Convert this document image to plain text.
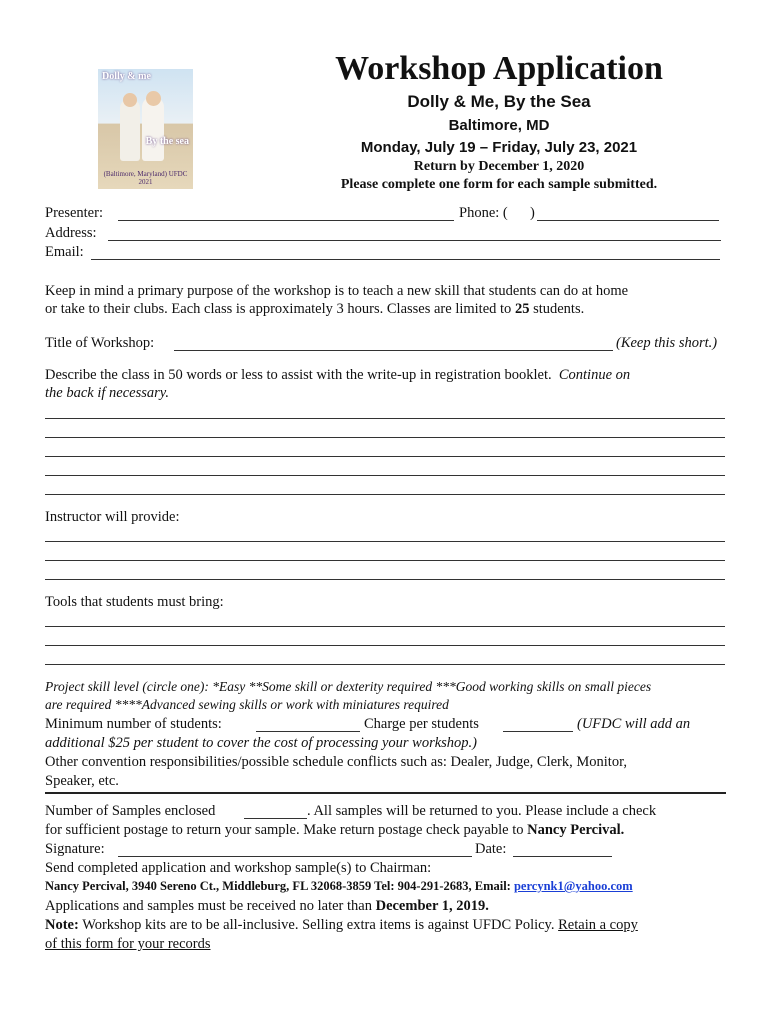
Dolly & me
By the sea
(Baltimore, Maryland) UFDC 2021
Workshop Application
Dolly & Me, By the Sea
Baltimore, MD
Monday, July 19 – Friday, July 23, 2021
Return by December 1, 2020
Please complete one form for each sample submitted.
Presenter:	Phone: ( )
Address:
Email:
Keep in mind a primary purpose of the workshop is to teach a new skill that students can do at home
or take to their clubs. Each class is approximately 3 hours. Classes are limited to 25 students.
Title of Workshop:	(Keep this short.)
Describe the class in 50 words or less to assist with the write-up in registration booklet. Continue on
the back if necessary.
Instructor will provide:
Tools that students must bring:
Project skill level (circle one): *Easy **Some skill or dexterity required ***Good working skills on small pieces
are required ****Advanced sewing skills or work with miniatures required
Minimum number of students:	Charge per students	(UFDC will add an
additional $25 per student to cover the cost of processing your workshop.)
Other convention responsibilities/possible schedule conflicts such as: Dealer, Judge, Clerk, Monitor,
Speaker, etc.
Number of Samples enclosed	. All samples will be returned to you. Please include a check
for sufficient postage to return your sample. Make return postage check payable to Nancy Percival.
Signature:	Date:
Send completed application and workshop sample(s) to Chairman:
Nancy Percival, 3940 Sereno Ct., Middleburg, FL 32068-3859 Tel: 904-291-2683, Email: percynk1@yahoo.com
Applications and samples must be received no later than December 1, 2019.
Note: Workshop kits are to be all-inclusive. Selling extra items is against UFDC Policy. Retain a copy
of this form for your records
